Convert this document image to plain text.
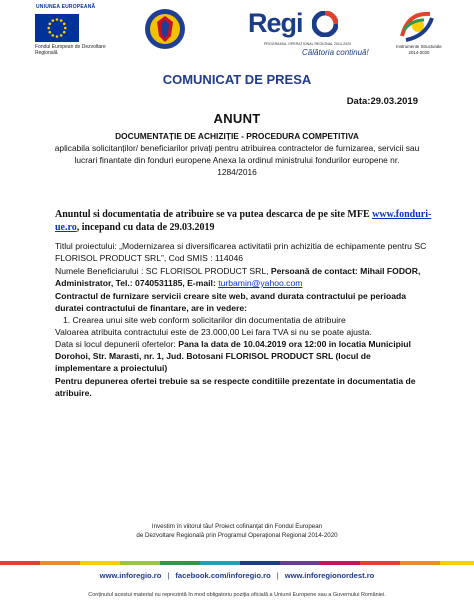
UNIUNEA EUROPEANĂ
Fondul European de Dezvoltare Regională
Regi
PROGRAMUL OPERAȚIONAL REGIONAL 2014-2020
Călătoria continuă!
Instrumente Structurale 2014-2020
COMUNICAT DE PRESA
Data:29.03.2019
ANUNT
DOCUMENTAȚIE DE ACHIZIȚIE - PROCEDURA COMPETITIVA
aplicabila solicitanților/ beneficiarilor privaţi pentru atribuirea contractelor de furnizarea, servicii sau lucrari finantate din fonduri europene Anexa la ordinul ministrului fondurilor europene nr. 1284/2016
Anuntul si documentatia de atribuire se va putea descarca de pe site MFE www.fonduri-ue.ro, incepand cu data de 29.03.2019
Titlul proiectului: „Modernizarea si diversificarea activitatii prin achizitia de echipamente pentru SC FLORISOL PRODUCT SRL”, Cod SMIS : 114046
Numele Beneficiarului : SC FLORISOL PRODUCT SRL, Persoană de contact: Mihail FODOR, Administrator, Tel.: 0740531185, E-mail: turbamin@yahoo.com
Contractul de furnizare servicii creare site web, avand durata contractului pe perioada duratei contractului de finantare, are in vedere:
1. Crearea unui site web conform solicitarilor din documentatia de atribuire
Valoarea atribuita contractului este de 23.000,00 Lei fara TVA si nu se poate ajusta.
Data si locul depunerii ofertelor: Pana la data de 10.04.2019 ora 12:00 in locatia Municipiul Dorohoi, Str. Marasti, nr. 1, Jud. Botosani FLORISOL PRODUCT SRL (locul de implementare a proiectului)
Pentru depunerea ofertei trebuie sa se respecte conditiile prezentate in documentatia de atribuire.
Investim în viitorul tău! Proiect cofinanţat din Fondul European
de Dezvoltare Regională prin Programul Operaţional Regional 2014-2020
www.inforegio.ro | facebook.com/inforegio.ro | www.inforegionordest.ro
Conținutul acestui material nu reprezintă în mod obligatoriu poziția oficială a Uniunii Europene sau a Guvernului României.
